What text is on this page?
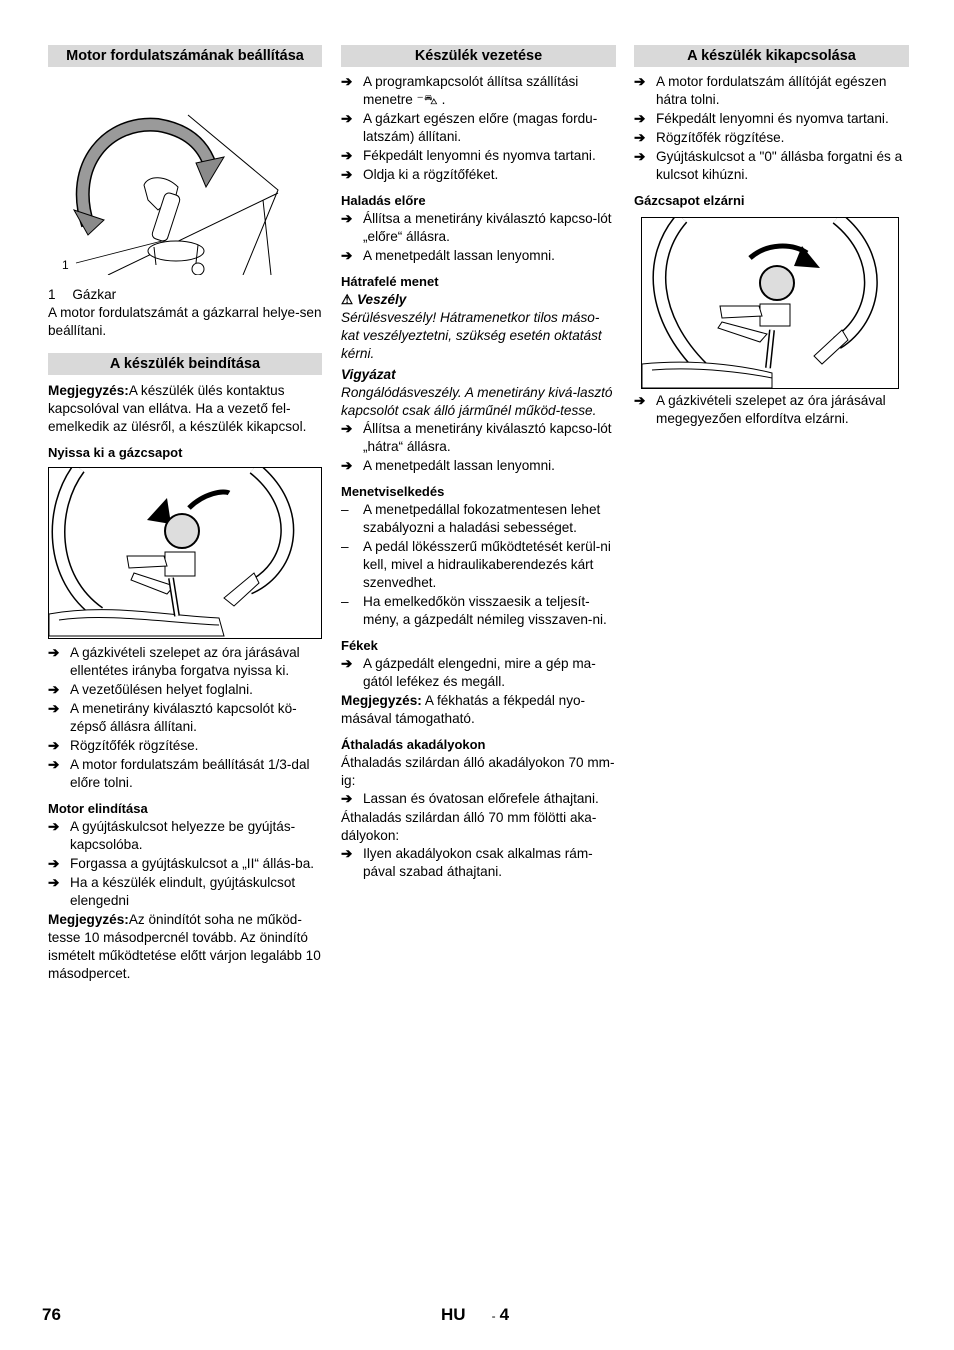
Motor fordulatszámának beállítása
1
1 Gázkar

A motor fordulatszámát a gázkarral helye-sen beállítani.

A készülék beindítása

Megjegyzés:A készülék ülés kontaktus kapcsolóval van ellátva. Ha a vezető fel-emelkedik az ülésről, a készülék kikapcsol.

Nyissa ki a gázcsapot
➔ A gázkivételi szelepet az óra járásával ellentétes irányba forgatva nyissa ki.
➔ A vezetőülésen helyet foglalni.
➔ A menetirány kiválasztó kapcsolót kö-zépső állásra állítani.
➔ Rögzítőfék rögzítése.
➔ A motor fordulatszám beállítását 1/3-dal előre tolni.
Motor elindítása
➔ A gyújtáskulcsot helyezze be gyújtás-kapcsolóba.
➔ Forgassa a gyújtáskulcsot a „II“ állás-ba.
➔ Ha a készülék elindult, gyújtáskulcsot elengedni

Megjegyzés:Az önindítót soha ne működ-tesse 10 másodpercnél tovább. Az önindító ismételt működtetése előtt várjon legalább 10 másodpercet.

Készülék vezetése
➔ A programkapcsolót állítsa szállítási menetre ⁻⛍ .
➔ A gázkart egészen előre (magas fordu-latszám) állítani.
➔ Fékpedált lenyomni és nyomva tartani.
➔ Oldja ki a rögzítőféket.
Haladás előre
➔ Állítsa a menetirány kiválasztó kapcso-lót „előre“ állásra.
➔ A menetpedált lassan lenyomni.
Hátrafelé menet
⚠ Veszély

Sérülésveszély! Hátramenetkor tilos máso-kat veszélyeztetni, szükség esetén oktatást kérni.

Vigyázat

Rongálódásveszély. A menetirány kivá-lasztó kapcsolót csak álló járműnél működ-tesse.

➔ Állítsa a menetirány kiválasztó kapcso-lót „hátra“ állásra.
➔ A menetpedált lassan lenyomni.
Menetviselkedés
– A menetpedállal fokozatmentesen lehet szabályozni a haladási sebességet.
– A pedál lökésszerű működtetését kerül-ni kell, mivel a hidraulikaberendezés kárt szenvedhet.
– Ha emelkedőkön visszaesik a teljesít-mény, a gázpedált némileg visszaven-ni.
Fékek
➔ A gázpedált elengedni, mire a gép ma-gától lefékez és megáll.

Megjegyzés: A fékhatás a fékpedál nyo-másával támogatható.

Áthaladás akadályokon

Áthaladás szilárdan álló akadályokon 70 mm-ig:

➔ Lassan és óvatosan előrefele áthajtani.

Áthaladás szilárdan álló 70 mm fölötti aka-dályokon:

➔ Ilyen akadályokon csak alkalmas rám-pával szabad áthajtani.
A készülék kikapcsolása
➔ A motor fordulatszám állítóját egészen hátra tolni.
➔ Fékpedált lenyomni és nyomva tartani.
➔ Rögzítőfék rögzítése.
➔ Gyújtáskulcsot a "0" állásba forgatni és a kulcsot kihúzni.
Gázcsapot elzárni
➔ A gázkivételi szelepet az óra járásával megegyezően elfordítva elzárni.
76	HU - 4
